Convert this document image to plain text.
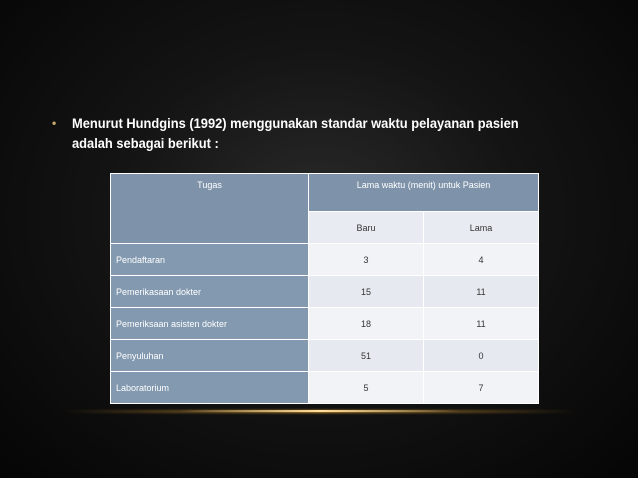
•	Menurut Hundgins (1992) menggunakan standar waktu pelayanan pasien adalah sebagai berikut :
Tugas	Lama waktu (menit) untuk Pasien	
	Baru	Lama
Pendaftaran	3	4
Pemerikasaan dokter	15	11
Pemeriksaan asisten dokter	18	11
Penyuluhan	51	0
Laboratorium	5	7
